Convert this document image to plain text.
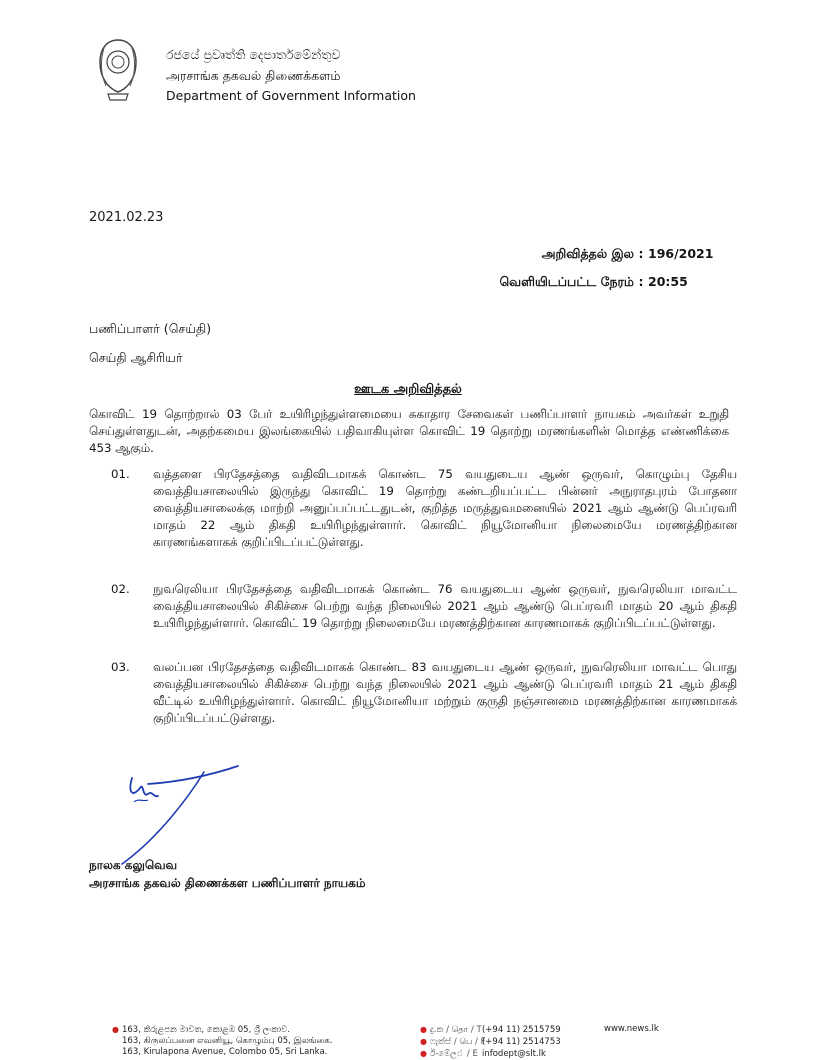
රජයේ ප්‍රවෘත්ති දෙපාර්තමේන්තුව
அரசாங்க தகவல் திணைக்களம்
Department of Government Information
2021.02.23
அறிவித்தல் இல : 196/2021
வெளியிடப்பட்ட நேரம் : 20:55
பணிப்பாளர் (செய்தி)
செய்தி ஆசிரியர்
ஊடக அறிவித்தல்
கொவிட் 19 தொற்றால் 03 பேர் உயிரிழந்துள்ளமையை சுகாதார சேவைகள் பணிப்பாளர் நாயகம் அவர்கள் உறுதி செய்துள்ளதுடன், அதற்கமைய இலங்கையில் பதிவாகியுள்ள கொவிட் 19 தொற்று மரணங்களின் மொத்த எண்ணிக்கை 453 ஆகும்.
01.	வத்தளை பிரதேசத்தை வதிவிடமாகக் கொண்ட 75 வயதுடைய ஆண் ஒருவர், கொழும்பு தேசிய வைத்தியசாலையில் இருந்து கொவிட் 19 தொற்று கண்டறியப்பட்ட பின்னர் அநுராதபுரம் போதனா வைத்தியசாலைக்கு மாற்றி அனுப்பப்பட்டதுடன், குறித்த மருத்துவமனையில் 2021 ஆம் ஆண்டு பெப்ரவரி மாதம் 22 ஆம் திகதி உயிரிழந்துள்ளார். கொவிட் நியூமோனியா நிலைமையே மரணத்திற்கான காரணங்களாகக் குறிப்பிடப்பட்டுள்ளது.
02.	நுவரெலியா பிரதேசத்தை வதிவிடமாகக் கொண்ட 76 வயதுடைய ஆண் ஒருவர், நுவரெலியா மாவட்ட வைத்தியசாலையில் சிகிச்சை பெற்று வந்த நிலையில் 2021 ஆம் ஆண்டு பெப்ரவரி மாதம் 20 ஆம் திகதி உயிரிழந்துள்ளார். கொவிட் 19 தொற்று நிலைமையே மரணத்திற்கான காரணமாகக் குறிப்பிடப்பட்டுள்ளது.
03.	வலப்பன பிரதேசத்தை வதிவிடமாகக் கொண்ட 83 வயதுடைய ஆண் ஒருவர், நுவரெலியா மாவட்ட பொது வைத்தியசாலையில் சிகிச்சை பெற்று வந்த நிலையில் 2021 ஆம் ஆண்டு பெப்ரவரி மாதம் 21 ஆம் திகதி வீட்டில் உயிரிழந்துள்ளார். கொவிட் நியூமோனியா மற்றும் குருதி நஞ்சானமை மரணத்திற்கான காரணமாகக் குறிப்பிடப்பட்டுள்ளது.
நாலக கலுவெவ
அரசாங்க தகவல் திணைக்கள பணிப்பாளர் நாயகம்
● 163, කිරුළපන මාවත, කොළඹ 05, ශ්‍රී ලංකාව.
163, கிருலப்பனை எவனியூ, கொழும்பு 05, இலங்கை.
163, Kirulapona Avenue, Colombo 05, Sri Lanka.
● දු.ක / தொ / T(+94 11) 2515759
● ෆැක්ස් / பெ / F(+94 11) 2514753
● ඊ-මේල் / E infodept@slt.lk
www.news.lk
